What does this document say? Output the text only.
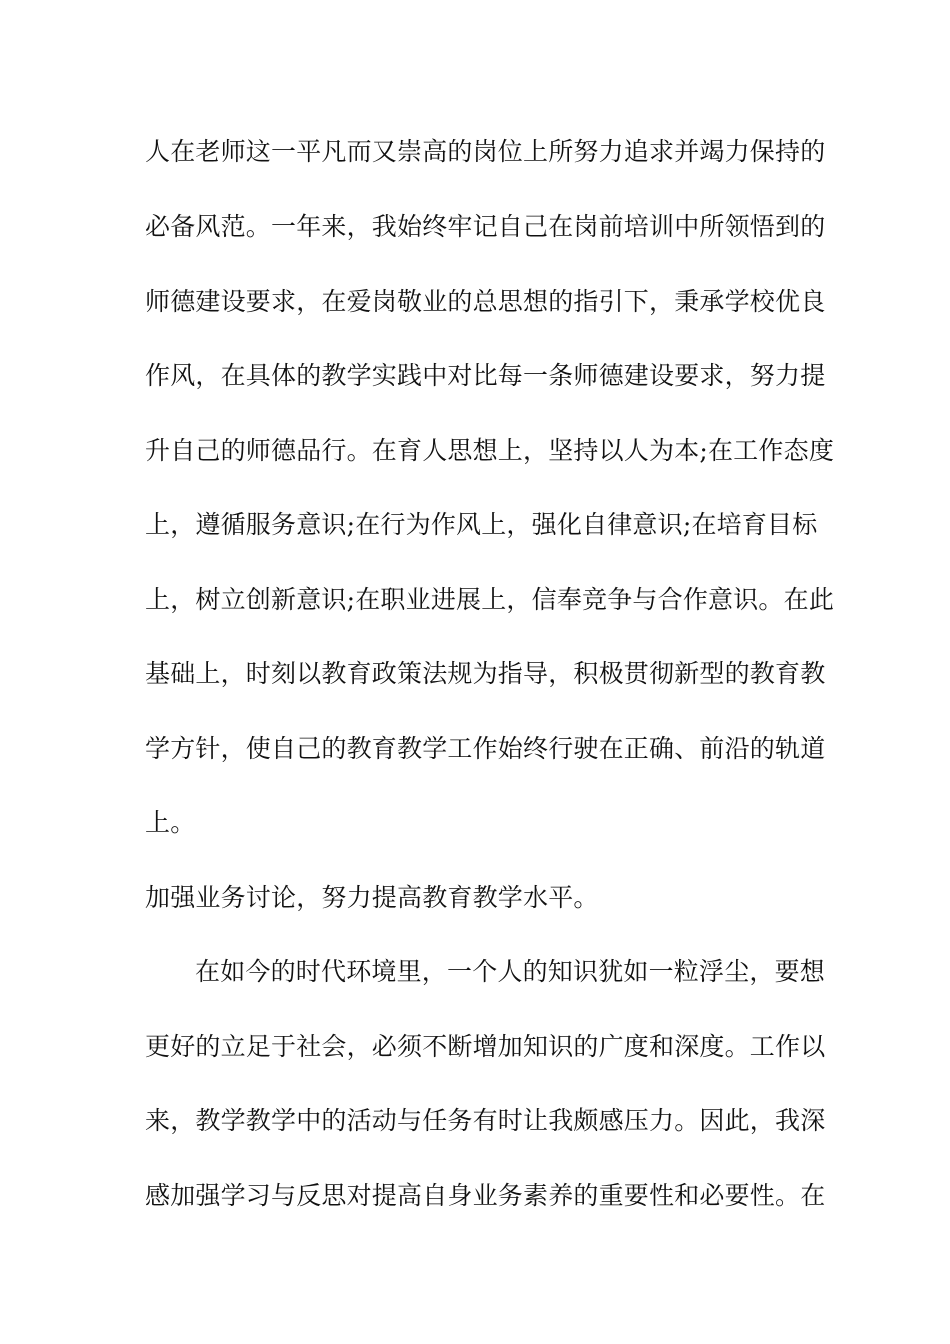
人在老师这一平凡而又崇高的岗位上所努力追求并竭力保持的
必备风范。一年来，我始终牢记自己在岗前培训中所领悟到的
师德建设要求，在爱岗敬业的总思想的指引下，秉承学校优良
作风，在具体的教学实践中对比每一条师德建设要求，努力提
升自己的师德品行。在育人思想上，坚持以人为本;在工作态度
上，遵循服务意识;在行为作风上，强化自律意识;在培育目标
上，树立创新意识;在职业进展上，信奉竞争与合作意识。在此
基础上，时刻以教育政策法规为指导，积极贯彻新型的教育教
学方针，使自己的教育教学工作始终行驶在正确、前沿的轨道
上。
加强业务讨论，努力提高教育教学水平。
在如今的时代环境里，一个人的知识犹如一粒浮尘，要想
更好的立足于社会，必须不断增加知识的广度和深度。工作以
来，教学教学中的活动与任务有时让我颇感压力。因此，我深
感加强学习与反思对提高自身业务素养的重要性和必要性。在
